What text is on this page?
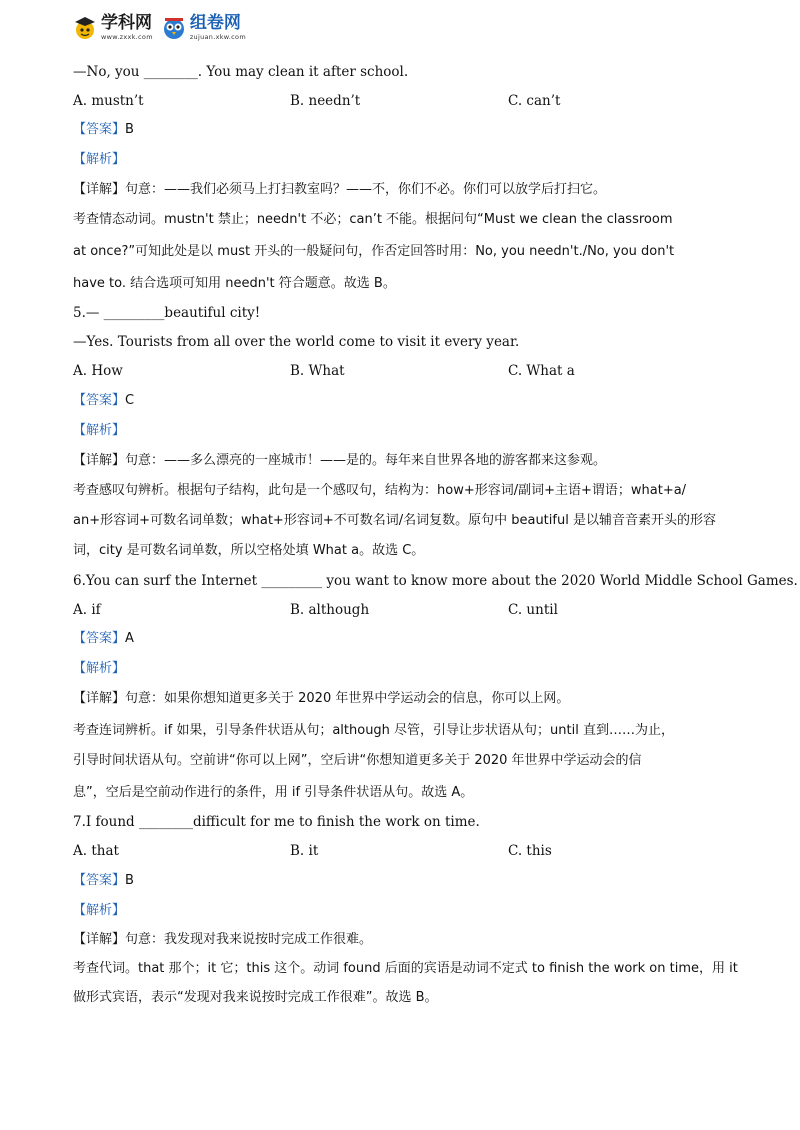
学科网
www.zxxk.com
组卷网
zujuan.xkw.com
—No, you ________. You may clean it after school.
A. mustn’t	B. needn’t	C. can’t
【答案】B
【解析】
【详解】句意：——我们必须马上打扫教室吗？——不，你们不必。你们可以放学后打扫它。
考查情态动词。mustn't 禁止；needn't 不必；can’t 不能。根据问句“Must we clean the classroom
at once?”可知此处是以 must 开头的一般疑问句，作否定回答时用：No, you needn't./No, you don't
have to. 结合选项可知用 needn't 符合题意。故选 B。
5.— _________beautiful city!
—Yes. Tourists from all over the world come to visit it every year.
A. How	B. What	C. What a
【答案】C
【解析】
【详解】句意：——多么漂亮的一座城市！——是的。每年来自世界各地的游客都来这参观。
考查感叹句辨析。根据句子结构，此句是一个感叹句，结构为：how+形容词/副词+主语+谓语；what+a/
an+形容词+可数名词单数；what+形容词+不可数名词/名词复数。原句中 beautiful 是以辅音音素开头的形容
词，city 是可数名词单数，所以空格处填 What a。故选 C。
6.You can surf the Internet _________ you want to know more about the 2020 World Middle School Games.
A. if	B. although	C. until
【答案】A
【解析】
【详解】句意：如果你想知道更多关于 2020 年世界中学运动会的信息，你可以上网。
考查连词辨析。if 如果，引导条件状语从句；although 尽管，引导让步状语从句；until 直到……为止，
引导时间状语从句。空前讲“你可以上网”，空后讲“你想知道更多关于 2020 年世界中学运动会的信
息”，空后是空前动作进行的条件，用 if 引导条件状语从句。故选 A。
7.I found ________difficult for me to finish the work on time.
A. that	B. it	C. this
【答案】B
【解析】
【详解】句意：我发现对我来说按时完成工作很难。
考查代词。that 那个；it 它；this 这个。动词 found 后面的宾语是动词不定式 to finish the work on time，用 it
做形式宾语，表示“发现对我来说按时完成工作很难”。故选 B。
